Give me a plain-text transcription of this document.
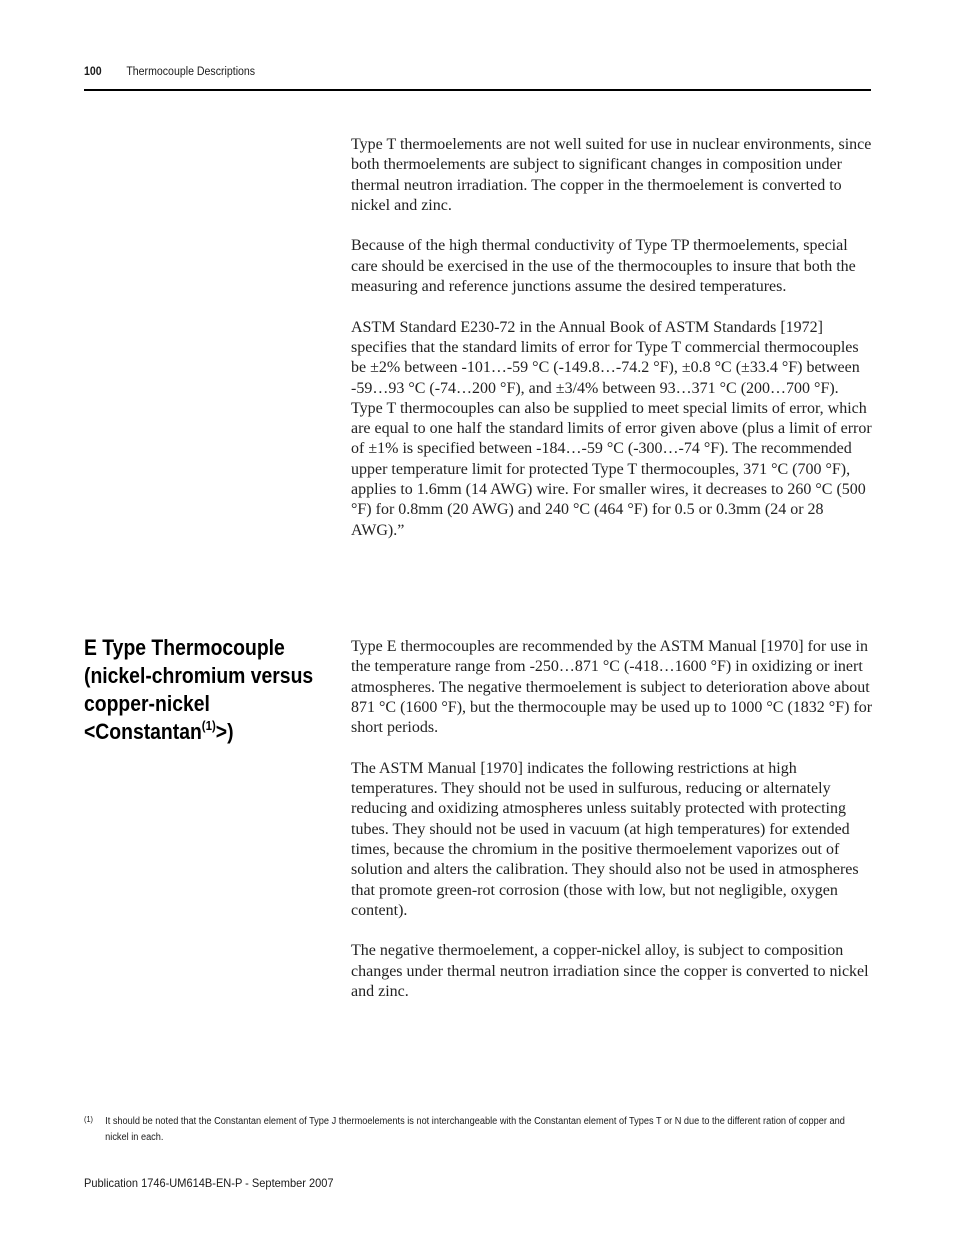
100 Thermocouple Descriptions

Type T thermoelements are not well suited for use in nuclear environments, since both thermoelements are subject to significant changes in composition under thermal neutron irradiation. The copper in the thermoelement is converted to nickel and zinc.

Because of the high thermal conductivity of Type TP thermoelements, special care should be exercised in the use of the thermocouples to insure that both the measuring and reference junctions assume the desired temperatures.

ASTM Standard E230-72 in the Annual Book of ASTM Standards [1972] specifies that the standard limits of error for Type T commercial thermocouples be ±2% between -101…-59 °C (-149.8…-74.2 °F), ±0.8 °C (±33.4 °F) between -59…93 °C (-74…200 °F), and ±3/4% between 93…371 °C (200…700 °F). Type T thermocouples can also be supplied to meet special limits of error, which are equal to one half the standard limits of error given above (plus a limit of error of ±1% is specified between -184…-59 °C (-300…-74 °F). The recommended upper temperature limit for protected Type T thermocouples, 371 °C (700 °F), applies to 1.6mm (14 AWG) wire. For smaller wires, it decreases to 260 °C (500 °F) for 0.8mm (20 AWG) and 240 °C (464 °F) for 0.5 or 0.3mm (24 or 28 AWG).”

E Type Thermocouple
(nickel-chromium versus
copper-nickel
<Constantan$^{(1)}$>)

Type E thermocouples are recommended by the ASTM Manual [1970] for use in the temperature range from -250…871 °C (-418…1600 °F) in oxidizing or inert atmospheres. The negative thermoelement is subject to deterioration above about 871 °C (1600 °F), but the thermocouple may be used up to 1000 °C (1832 °F) for short periods.

The ASTM Manual [1970] indicates the following restrictions at high temperatures. They should not be used in sulfurous, reducing or alternately reducing and oxidizing atmospheres unless suitably protected with protecting tubes. They should not be used in vacuum (at high temperatures) for extended times, because the chromium in the positive thermoelement vaporizes out of solution and alters the calibration. They should also not be used in atmospheres that promote green-rot corrosion (those with low, but not negligible, oxygen content).

The negative thermoelement, a copper-nickel alloy, is subject to composition changes under thermal neutron irradiation since the copper is converted to nickel and zinc.

(1) It should be noted that the Constantan element of Type J thermoelements is not interchangeable with the Constantan element of Types T or N due to the different ration of copper and nickel in each.
Publication 1746-UM614B-EN-P - September 2007
